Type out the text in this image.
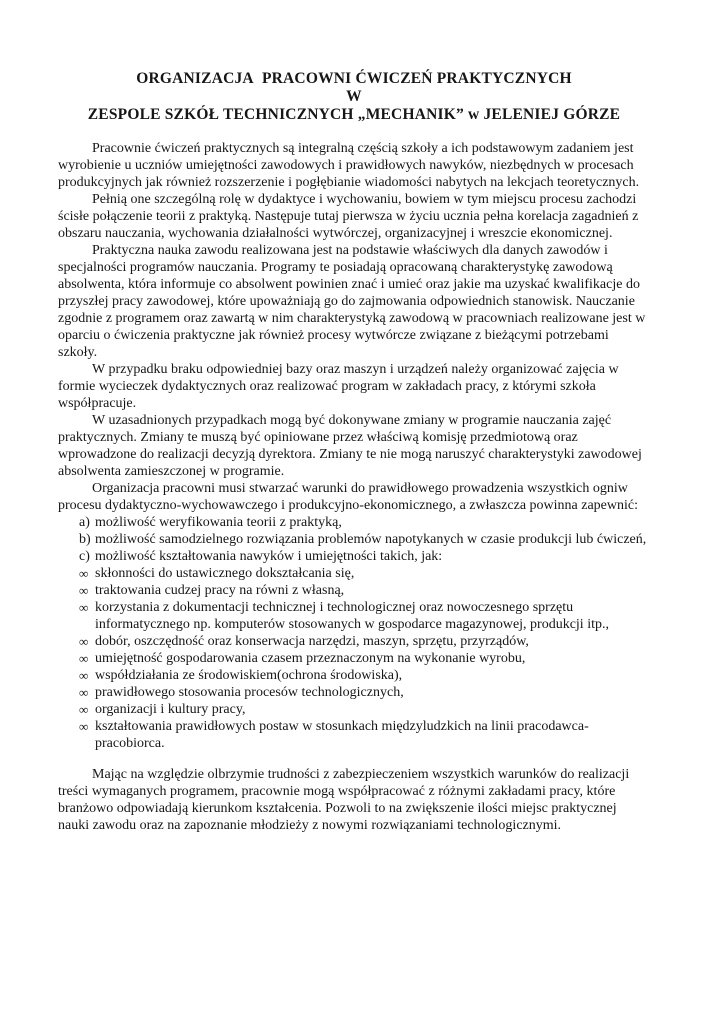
ORGANIZACJA  PRACOWNI ĆWICZEŃ PRAKTYCZNYCH
W
ZESPOLE SZKÓŁ TECHNICZNYCH „MECHANIK” w JELENIEJ GÓRZE

Pracownie ćwiczeń praktycznych są integralną częścią szkoły a ich podstawowym zadaniem jest wyrobienie u uczniów umiejętności zawodowych i prawidłowych nawyków, niezbędnych w procesach produkcyjnych jak również rozszerzenie i pogłębianie wiadomości nabytych na lekcjach teoretycznych.

Pełnią one szczególną rolę w dydaktyce i wychowaniu, bowiem w tym miejscu procesu zachodzi ścisłe połączenie teorii z praktyką. Następuje tutaj pierwsza w życiu ucznia pełna korelacja zagadnień z obszaru nauczania, wychowania działalności wytwórczej, organizacyjnej i wreszcie ekonomicznej.

Praktyczna nauka zawodu realizowana jest na podstawie właściwych dla danych zawodów i specjalności programów nauczania. Programy te posiadają opracowaną charakterystykę zawodową absolwenta, która informuje co absolwent powinien znać i umieć oraz jakie ma uzyskać kwalifikacje do przyszłej pracy zawodowej, które upoważniają go do zajmowania odpowiednich stanowisk. Nauczanie zgodnie z programem oraz zawartą w nim charakterystyką zawodową w pracowniach realizowane jest w oparciu o ćwiczenia praktyczne jak również procesy wytwórcze związane z bieżącymi potrzebami szkoły.

W przypadku braku odpowiedniej bazy oraz maszyn i urządzeń należy organizować zajęcia w formie wycieczek dydaktycznych oraz realizować program w zakładach pracy, z którymi szkoła współpracuje.

W uzasadnionych przypadkach mogą być dokonywane zmiany w programie nauczania zajęć praktycznych. Zmiany te muszą być opiniowane przez właściwą komisję przedmiotową oraz wprowadzone do realizacji decyzją dyrektora. Zmiany te nie mogą naruszyć charakterystyki zawodowej absolwenta zamieszczonej w programie.

Organizacja pracowni musi stwarzać warunki do prawidłowego prowadzenia wszystkich ogniw procesu dydaktyczno-wychowawczego i produkcyjno-ekonomicznego, a zwłaszcza powinna zapewnić:

a) możliwość weryfikowania teorii z praktyką,
b) możliwość samodzielnego rozwiązania problemów napotykanych w czasie produkcji lub ćwiczeń,
c) możliwość kształtowania nawyków i umiejętności takich, jak:
∞ skłonności do ustawicznego dokształcania się,
∞ traktowania cudzej pracy na równi z własną,
∞ korzystania z dokumentacji technicznej i technologicznej oraz nowoczesnego sprzętu informatycznego np. komputerów stosowanych w gospodarce magazynowej, produkcji itp.,
∞ dobór, oszczędność oraz konserwacja narzędzi, maszyn, sprzętu, przyrządów,
∞ umiejętność gospodarowania czasem przeznaczonym na wykonanie wyrobu,
∞ współdziałania ze środowiskiem(ochrona środowiska),
∞ prawidłowego stosowania procesów technologicznych,
∞ organizacji i kultury pracy,
∞ kształtowania prawidłowych postaw w stosunkach międzyludzkich na linii pracodawca-pracobiorca.

Mając na względzie olbrzymie trudności z zabezpieczeniem wszystkich warunków do realizacji treści wymaganych programem, pracownie mogą współpracować z różnymi zakładami pracy, które branżowo odpowiadają kierunkom kształcenia. Pozwoli to na zwiększenie ilości miejsc praktycznej nauki zawodu oraz na zapoznanie młodzieży z nowymi rozwiązaniami technologicznymi.
